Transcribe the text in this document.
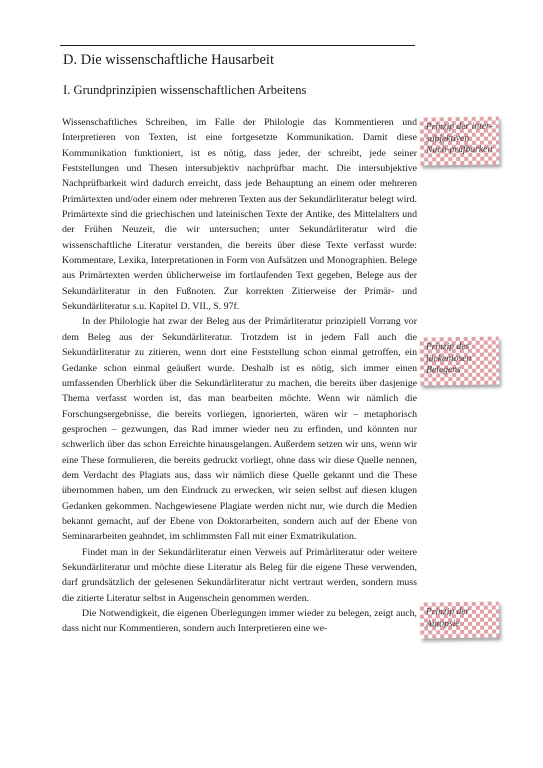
D. Die wissenschaftliche Hausarbeit
I. Grundprinzipien wissenschaftlichen Arbeitens

Wissenschaftliches Schreiben, im Falle der Philologie das Kommentieren und Interpretieren von Texten, ist eine fortgesetzte Kommunikation. Damit diese Kommunikation funktioniert, ist es nötig, dass jeder, der schreibt, jede seiner Feststellungen und Thesen intersubjektiv nachprüfbar macht. Die intersubjektive Nachprüfbarkeit wird dadurch erreicht, dass jede Behauptung an einem oder mehreren Primärtexten und/oder einem oder mehreren Texten aus der Sekundärliteratur belegt wird. Primärtexte sind die griechischen und lateinischen Texte der Antike, des Mittelalters und der Frühen Neuzeit, die wir untersuchen; unter Sekundärliteratur wird die wissenschaftliche Literatur verstanden, die bereits über diese Texte verfasst wurde: Kommentare, Lexika, Interpretationen in Form von Aufsätzen und Monographien. Belege aus Primärtexten werden üblicherweise im fortlaufenden Text gegeben, Belege aus der Sekundärliteratur in den Fußnoten. Zur korrekten Zitierweise der Primär- und Sekundärliteratur s.u. Kapitel D. VII., S. 97f.

In der Philologie hat zwar der Beleg aus der Primärliteratur prinzipiell Vorrang vor dem Beleg aus der Sekundärliteratur. Trotzdem ist in jedem Fall auch die Sekundärliteratur zu zitieren, wenn dort eine Feststellung schon einmal getroffen, ein Gedanke schon einmal geäußert wurde. Deshalb ist es nötig, sich immer einen umfassenden Überblick über die Sekundärliteratur zu machen, die bereits über dasjenige Thema verfasst worden ist, das man bearbeiten möchte. Wenn wir nämlich die Forschungsergebnisse, die bereits vorliegen, ignorierten, wären wir – metaphorisch gesprochen – gezwungen, das Rad immer wieder neu zu erfinden, und könnten nur schwerlich über das schon Erreichte hinausgelangen. Außerdem setzen wir uns, wenn wir eine These formulieren, die bereits gedruckt vorliegt, ohne dass wir diese Quelle nennen, dem Verdacht des Plagiats aus, dass wir nämlich diese Quelle gekannt und die These übernommen haben, um den Eindruck zu erwecken, wir seien selbst auf diesen klugen Gedanken gekommen. Nachgewiesene Plagiate werden nicht nur, wie durch die Medien bekannt gemacht, auf der Ebene von Doktorarbeiten, sondern auch auf der Ebene von Seminararbeiten geahndet, im schlimmsten Fall mit einer Exmatrikulation.

Findet man in der Sekundärliteratur einen Verweis auf Primärliteratur oder weitere Sekundärliteratur und möchte diese Literatur als Beleg für die eigene These verwenden, darf grundsätzlich der gelesenen Sekundärliteratur nicht vertraut werden, sondern muss die zitierte Literatur selbst in Augenschein genommen werden.

Die Notwendigkeit, die eigenen Überlegungen immer wieder zu belegen, zeigt auch, dass nicht nur Kommentieren, sondern auch Interpretieren eine we-

Prinzip der inter-subjektiven Nach-prüfbarkeit
Prinzip des lückenlosen Belegens
Prinzip der Autopsie
